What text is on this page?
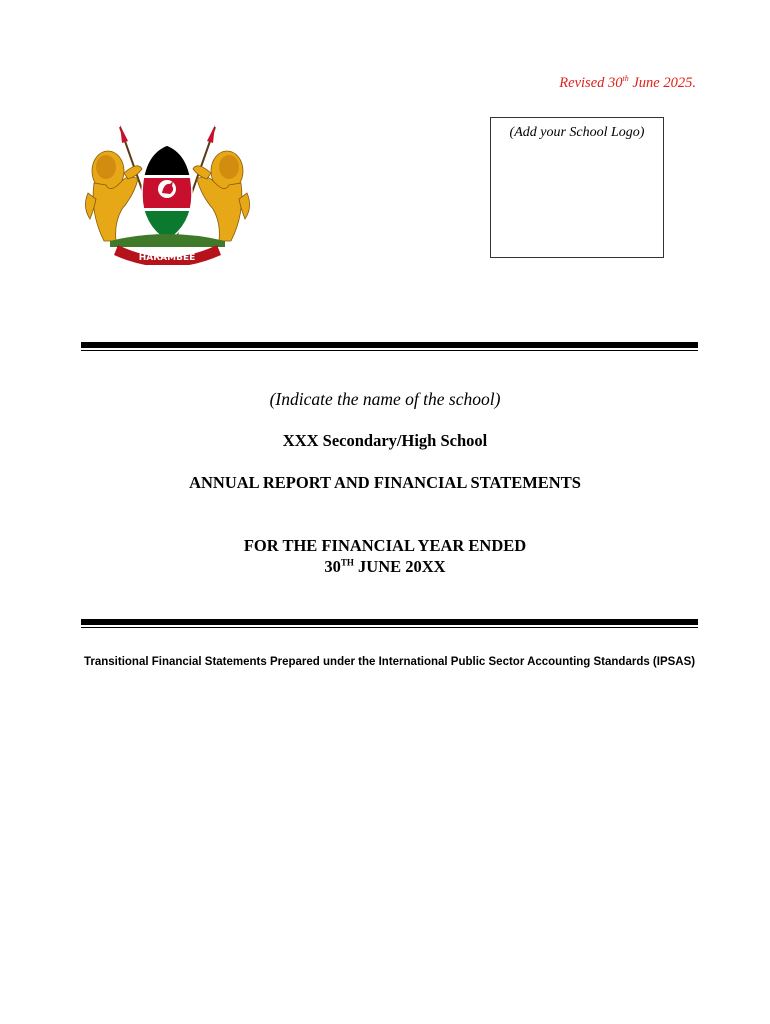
Revised 30th June 2025.
HARAMBEE
(Add your School Logo)
(Indicate the name of the school)
XXX Secondary/High School
ANNUAL REPORT AND FINANCIAL STATEMENTS
FOR THE FINANCIAL YEAR ENDED
30TH JUNE 20XX
Transitional Financial Statements Prepared under the International Public Sector Accounting Standards (IPSAS)
